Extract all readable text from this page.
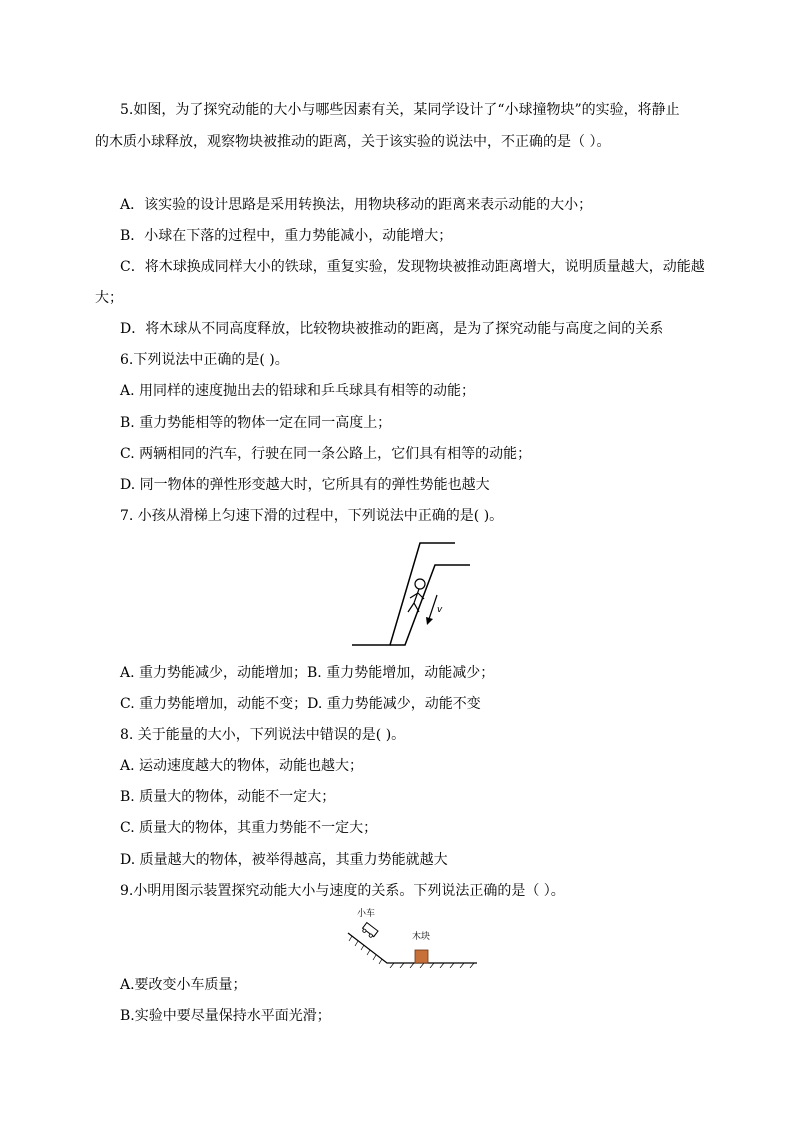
5.如图，为了探究动能的大小与哪些因素有关，某同学设计了“小球撞物块”的实验，将静止
的木质小球释放，观察物块被推动的距离，关于该实验的说法中，不正确的是（ ）。
A．该实验的设计思路是采用转换法，用物块移动的距离来表示动能的大小；
B．小球在下落的过程中，重力势能减小，动能增大；
C．将木球换成同样大小的铁球，重复实验，发现物块被推动距离增大，说明质量越大，动能越
大；
D．将木球从不同高度释放，比较物块被推动的距离，是为了探究动能与高度之间的关系
6.下列说法中正确的是( )。
A. 用同样的速度抛出去的铅球和乒乓球具有相等的动能；
B. 重力势能相等的物体一定在同一高度上；
C. 两辆相同的汽车，行驶在同一条公路上，它们具有相等的动能；
D. 同一物体的弹性形变越大时，它所具有的弹性势能也越大
7. 小孩从滑梯上匀速下滑的过程中，下列说法中正确的是( )。
v
A. 重力势能减少，动能增加；B. 重力势能增加，动能减少；
C. 重力势能增加，动能不变；D. 重力势能减少，动能不变
8. 关于能量的大小，下列说法中错误的是( )。
A. 运动速度越大的物体，动能也越大；
B. 质量大的物体，动能不一定大；
C. 质量大的物体，其重力势能不一定大；
D. 质量越大的物体，被举得越高，其重力势能就越大
9.小明用图示装置探究动能大小与速度的关系。下列说法正确的是（ ）。
小车
木块
A.要改变小车质量；
B.实验中要尽量保持水平面光滑；
